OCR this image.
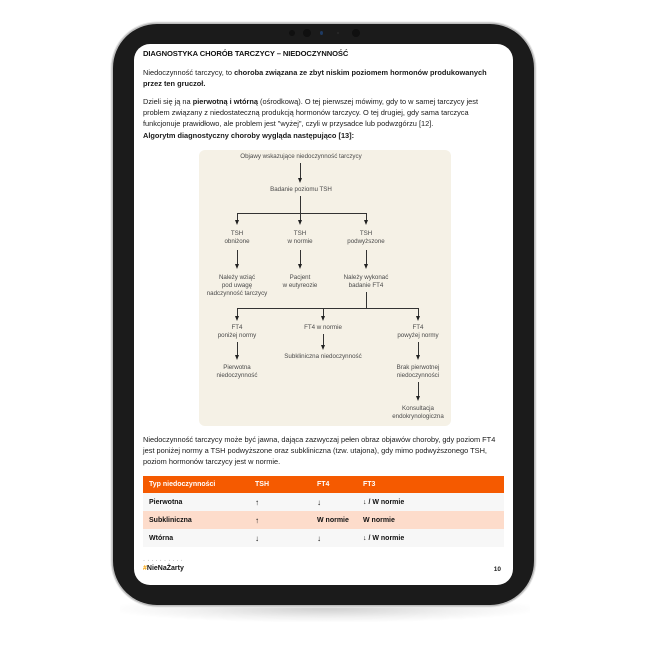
DIAGNOSTYKA CHORÓB TARCZYCY – NIEDOCZYNNOŚĆ
Niedoczynność tarczycy, to choroba związana ze zbyt niskim poziomem hormonów produkowanych przez ten gruczoł.
Dzieli się ją na pierwotną i wtórną (ośrodkową). O tej pierwszej mówimy, gdy to w samej tarczycy jest problem związany z niedostateczną produkcją hormonów tarczycy. O tej drugiej, gdy sama tarczyca funkcjonuje prawidłowo, ale problem jest "wyżej", czyli w przysadce lub podwzgórzu [12].
Algorytm diagnostyczny choroby wygląda następująco [13]:
Objawy wskazujące niedoczynność tarczycy
Badanie poziomu TSH
TSH
obniżone
TSH
w normie
TSH
podwyższone
Należy wziąć
pod uwagę
nadczynność tarczycy
Pacjent
w eutyreozie
Należy wykonać
badanie FT4
FT4
poniżej normy
FT4 w normie	FT4
powyżej normy
Pierwotna
niedoczynność
Subkliniczna niedoczynność
Brak pierwotnej
niedoczynności
Konsultacja
endokrynologiczna
Niedoczynność tarczycy może być jawna, dająca zazwyczaj pełen obraz objawów choroby, gdy poziom FT4 jest poniżej normy a TSH podwyższone oraz subkliniczna (tzw. utajona), gdy mimo podwyższonego TSH, poziom hormonów tarczycy jest w normie.
Typ niedoczynności	TSH	FT4	FT3
Pierwotna	↑	↓	↓ / W normie
Subkliniczna	↑	W normie	W normie
Wtórna	↓	↓	↓ / W normie
··········
#NieNaŻarty	10
